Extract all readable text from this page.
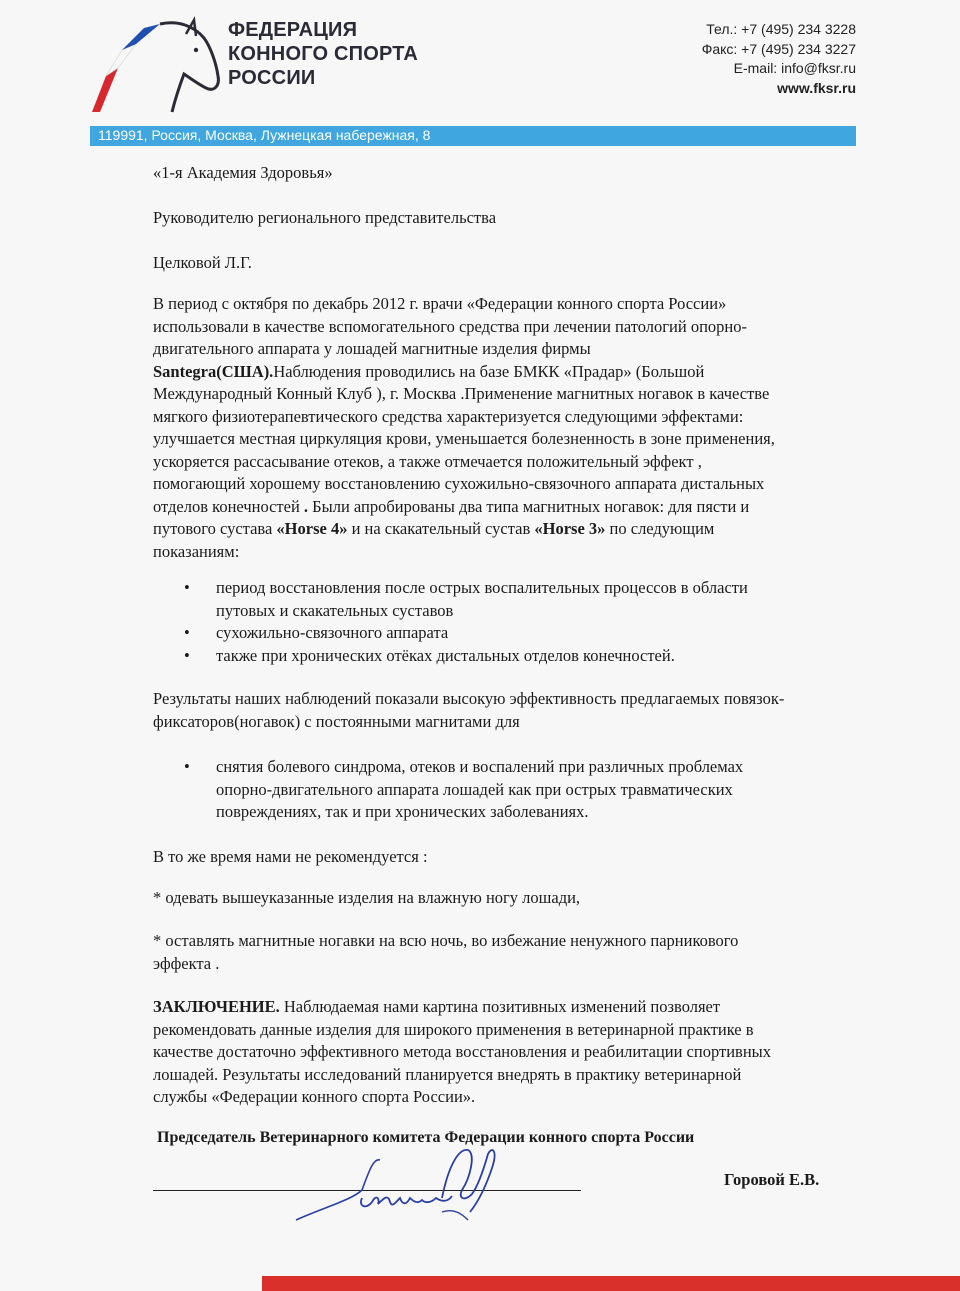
ФЕДЕРАЦИЯ
КОННОГО СПОРТА
РОССИИ
Тел.: +7 (495) 234 3228
Факс: +7 (495) 234 3227
E-mail: info@fksr.ru
www.fksr.ru
119991, Россия, Москва, Лужнецкая набережная, 8
«1-я Академия Здоровья»
Руководителю регионального представительства
Целковой Л.Г.
В период с октября по декабрь 2012 г. врачи «Федерации конного спорта России»
использовали в качестве вспомогательного средства при лечении патологий опорно-
двигательного аппарата у лошадей магнитные изделия фирмы
Santegra(США).Наблюдения проводились на базе БМКК «Прадар» (Большой
Международный Конный Клуб ), г. Москва .Применение магнитных ногавок в качестве
мягкого физиотерапевтического средства характеризуется следующими эффектами:
улучшается местная циркуляция крови, уменьшается болезненность в зоне применения,
ускоряется рассасывание отеков, а также отмечается положительный эффект ,
помогающий хорошему восстановлению сухожильно-связочного аппарата дистальных
отделов конечностей . Были апробированы два типа магнитных ногавок: для пясти и
путового сустава «Horse 4» и на скакательный сустав «Horse 3» по следующим
показаниям:
• период восстановления после острых воспалительных процессов в области
путовых и скакательных суставов
• сухожильно-связочного аппарата
• также при хронических отёках дистальных отделов конечностей.
Результаты наших наблюдений показали высокую эффективность предлагаемых повязок-
фиксаторов(ногавок) с постоянными магнитами для
• снятия болевого синдрома, отеков и воспалений при различных проблемах
опорно-двигательного аппарата лошадей как при острых травматических
повреждениях, так и при хронических заболеваниях.
В то же время нами не рекомендуется :
* одевать вышеуказанные изделия на влажную ногу лошади,
* оставлять магнитные ногавки на всю ночь, во избежание ненужного парникового
эффекта .
ЗАКЛЮЧЕНИЕ. Наблюдаемая нами картина позитивных изменений позволяет
рекомендовать данные изделия для широкого применения в ветеринарной практике в
качестве достаточно эффективного метода восстановления и реабилитации спортивных
лошадей. Результаты исследований планируется внедрять в практику ветеринарной
службы «Федерации конного спорта России».
Председатель Ветеринарного комитета Федерации конного спорта России
Горовой Е.В.
